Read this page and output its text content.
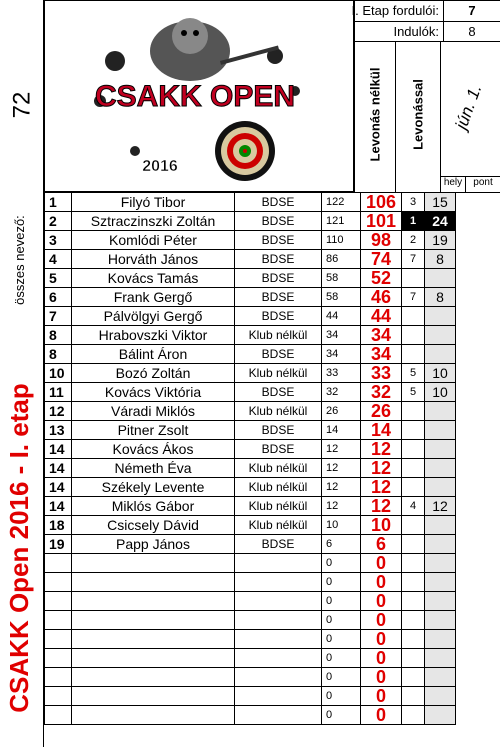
72
összes nevező:
CSAKK Open 2016 - I. etap
CSAKK OPEN
2016
I. Etap fordulói:	7
Indulók:	8
Levonás nélkül Levonással	jún. 1.
hely	pont
1	Filyó Tibor	BDSE	122	106	3	15
2	Sztraczinszki Zoltán	BDSE	121	101	1	24
3	Komlódi Péter	BDSE	110	98	2	19
4	Horváth János	BDSE	86	74	7	8
5	Kovács Tamás	BDSE	58	52		
6	Frank Gergő	BDSE	58	46	7	8
7	Pálvölgyi Gergő	BDSE	44	44		
8	Hrabovszki Viktor	Klub nélkül	34	34		
8	Bálint Áron	BDSE	34	34		
10	Bozó Zoltán	Klub nélkül	33	33	5	10
11	Kovács Viktória	BDSE	32	32	5	10
12	Váradi Miklós	Klub nélkül	26	26		
13	Pitner Zsolt	BDSE	14	14		
14	Kovács Ákos	BDSE	12	12		
14	Németh Éva	Klub nélkül	12	12		
14	Székely Levente	Klub nélkül	12	12		
14	Miklós Gábor	Klub nélkül	12	12	4	12
18	Csicsely Dávid	Klub nélkül	10	10		
19	Papp János	BDSE	6	6		
			0	0		
			0	0		
			0	0		
			0	0		
			0	0		
			0	0		
			0	0		
			0	0		
			0	0		
